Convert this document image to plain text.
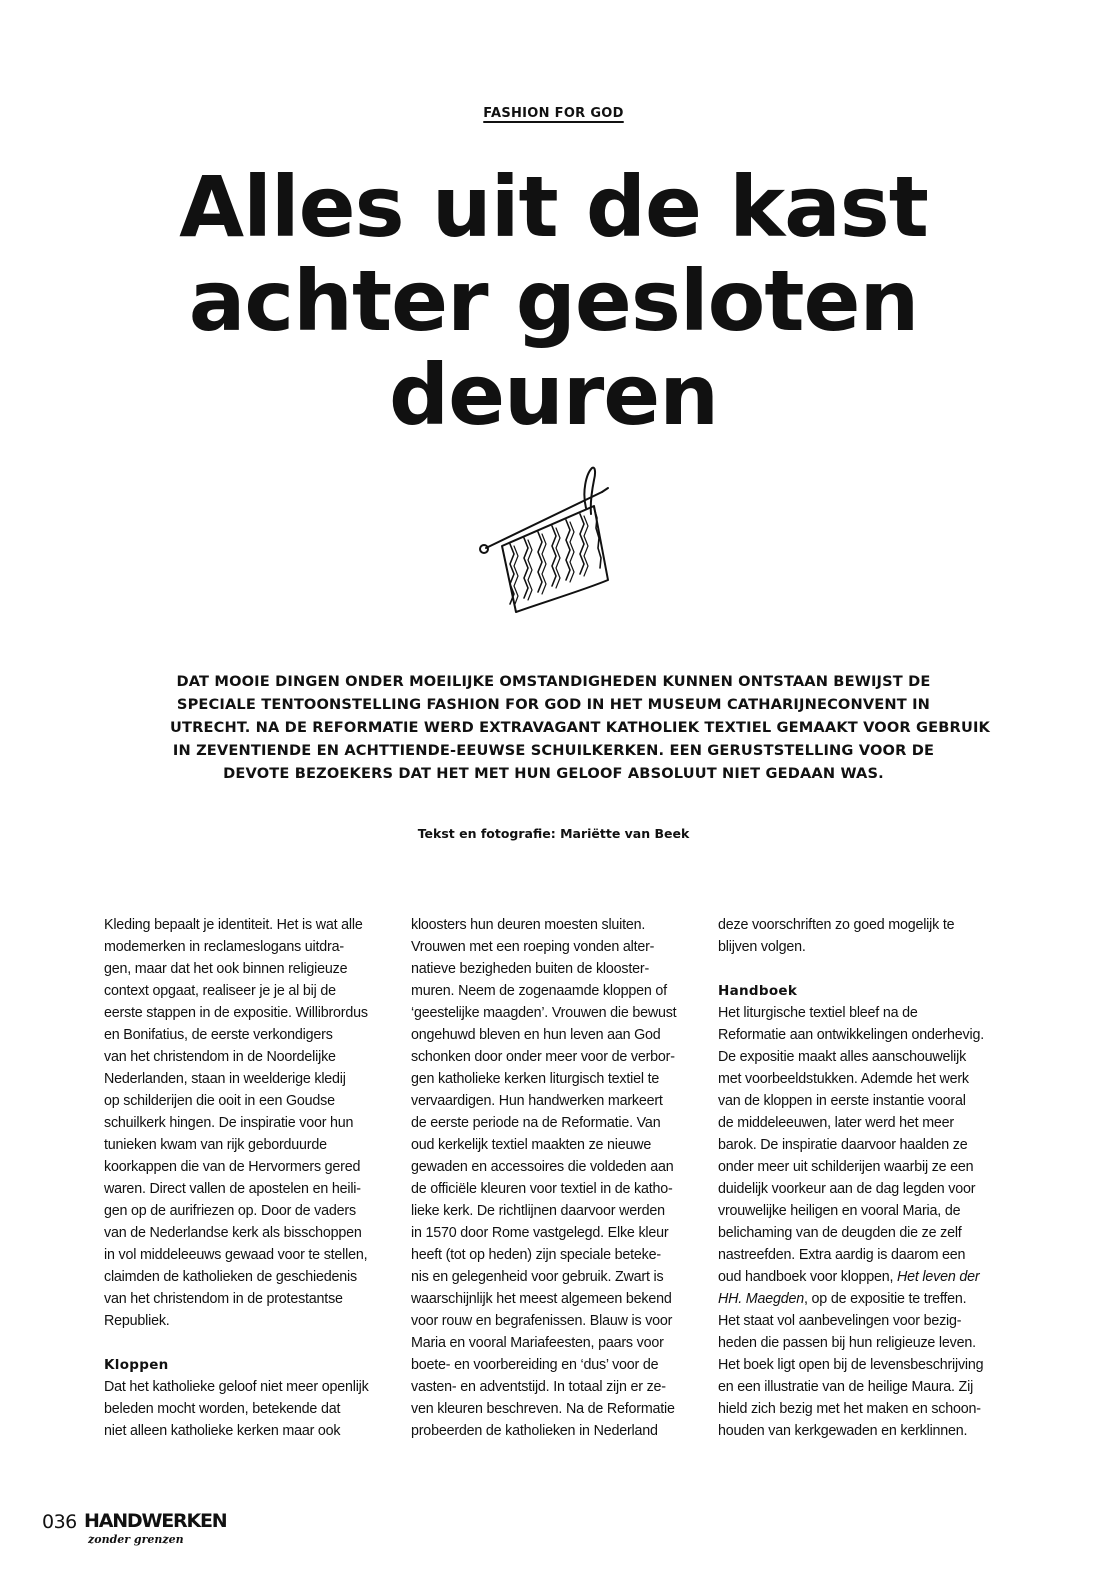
FASHION FOR GOD
Alles uit de kast
achter gesloten
deuren
DAT MOOIE DINGEN ONDER MOEILIJKE OMSTANDIGHEDEN KUNNEN ONTSTAAN BEWIJST DE
SPECIALE TENTOONSTELLING FASHION FOR GOD IN HET MUSEUM CATHARIJNECONVENT IN
UTRECHT. NA DE REFORMATIE WERD EXTRAVAGANT KATHOLIEK TEXTIEL GEMAAKT VOOR GEBRUIK
IN ZEVENTIENDE EN ACHTTIENDE-EEUWSE SCHUILKERKEN. EEN GERUSTSTELLING VOOR DE
DEVOTE BEZOEKERS DAT HET MET HUN GELOOF ABSOLUUT NIET GEDAAN WAS.
Tekst en fotografie: Mariëtte van Beek
Kleding bepaalt je identiteit. Het is wat alle
modemerken in reclameslogans uitdra-
gen, maar dat het ook binnen religieuze
context opgaat, realiseer je je al bij de
eerste stappen in de expositie. Willibrordus
en Bonifatius, de eerste verkondigers
van het christendom in de Noordelijke
Nederlanden, staan in weelderige kledij
op schilderijen die ooit in een Goudse
schuilkerk hingen. De inspiratie voor hun
tunieken kwam van rijk geborduurde
koorkappen die van de Hervormers gered
waren. Direct vallen de apostelen en heili-
gen op de aurifriezen op. Door de vaders
van de Nederlandse kerk als bisschoppen
in vol middeleeuws gewaad voor te stellen,
claimden de katholieken de geschiedenis
van het christendom in de protestantse
Republiek.
Kloppen
Dat het katholieke geloof niet meer openlijk
beleden mocht worden, betekende dat
niet alleen katholieke kerken maar ook
kloosters hun deuren moesten sluiten.
Vrouwen met een roeping vonden alter-
natieve bezigheden buiten de klooster-
muren. Neem de zogenaamde kloppen of
‘geestelijke maagden’. Vrouwen die bewust
ongehuwd bleven en hun leven aan God
schonken door onder meer voor de verbor-
gen katholieke kerken liturgisch textiel te
vervaardigen. Hun handwerken markeert
de eerste periode na de Reformatie. Van
oud kerkelijk textiel maakten ze nieuwe
gewaden en accessoires die voldeden aan
de officiële kleuren voor textiel in de katho-
lieke kerk. De richtlijnen daarvoor werden
in 1570 door Rome vastgelegd. Elke kleur
heeft (tot op heden) zijn speciale beteke-
nis en gelegenheid voor gebruik. Zwart is
waarschijnlijk het meest algemeen bekend
voor rouw en begrafenissen. Blauw is voor
Maria en vooral Mariafeesten, paars voor
boete- en voorbereiding en ‘dus’ voor de
vasten- en adventstijd. In totaal zijn er ze-
ven kleuren beschreven. Na de Reformatie
probeerden de katholieken in Nederland
deze voorschriften zo goed mogelijk te
blijven volgen.
Handboek
Het liturgische textiel bleef na de
Reformatie aan ontwikkelingen onderhevig.
De expositie maakt alles aanschouwelijk
met voorbeeldstukken. Ademde het werk
van de kloppen in eerste instantie vooral
de middeleeuwen, later werd het meer
barok. De inspiratie daarvoor haalden ze
onder meer uit schilderijen waarbij ze een
duidelijk voorkeur aan de dag legden voor
vrouwelijke heiligen en vooral Maria, de
belichaming van de deugden die ze zelf
nastreefden. Extra aardig is daarom een
oud handboek voor kloppen, Het leven der
HH. Maegden, op de expositie te treffen.
Het staat vol aanbevelingen voor bezig-
heden die passen bij hun religieuze leven.
Het boek ligt open bij de levensbeschrijving
en een illustratie van de heilige Maura. Zij
hield zich bezig met het maken en schoon-
houden van kerkgewaden en kerklinnen.
036 HANDWERKEN
zonder grenzen
